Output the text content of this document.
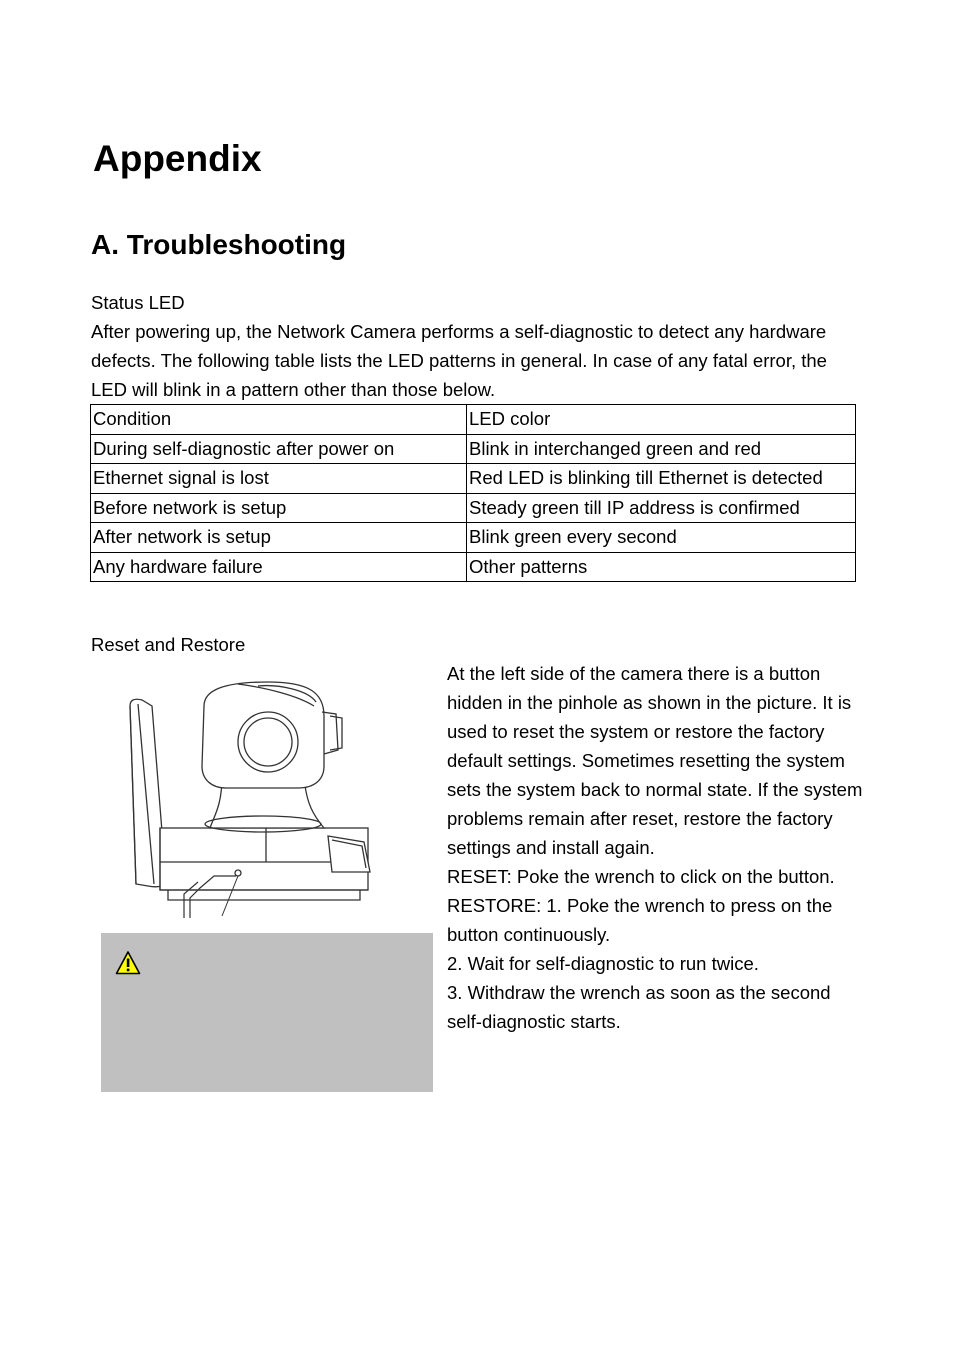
Appendix
A. Troubleshooting
Status LED
After powering up, the Network Camera performs a self-diagnostic to detect any hardware
defects. The following table lists the LED patterns in general. In case of any fatal error, the
LED will blink in a pattern other than those below.
Condition	LED color
During self-diagnostic after power on	Blink in interchanged green and red
Ethernet signal is lost	Red LED is blinking till Ethernet is detected
Before network is setup	Steady green till IP address is confirmed
After network is setup	Blink green every second
Any hardware failure	Other patterns
Reset and Restore
At the left side of the camera there is a button
hidden in the pinhole as shown in the picture. It is
used to reset the system or restore the factory
default settings. Sometimes resetting the system
sets the system back to normal state. If the system
problems remain after reset, restore the factory
settings and install again.
RESET: Poke the wrench to click on the button.
RESTORE: 1. Poke the wrench to press on the
button continuously.
2. Wait for self-diagnostic to run twice.
3. Withdraw the wrench as soon as the second
self-diagnostic starts.
